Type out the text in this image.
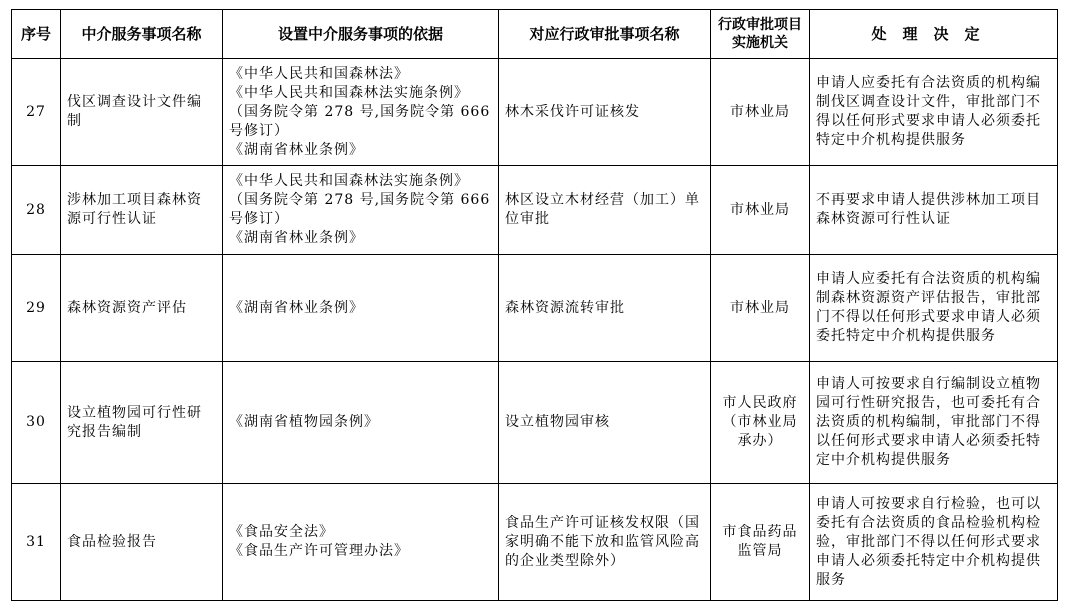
序号	中介服务事项名称	设置中介服务事项的依据	对应行政审批事项名称	行政审批项目实施机关	处理决定
27	伐区调查设计文件编制	《中华人民共和国森林法》
《中华人民共和国森林法实施条例》
（国务院令第 278 号,国务院令第 666
号修订）
《湖南省林业条例》	林木采伐许可证核发	市林业局	申请人应委托有合法资质的机构编制伐区调查设计文件，审批部门不得以任何形式要求申请人必须委托特定中介机构提供服务
28	涉林加工项目森林资源可行性认证	《中华人民共和国森林法实施条例》
（国务院令第 278 号,国务院令第 666
号修订）
《湖南省林业条例》	林区设立木材经营（加工）单位审批	市林业局	不再要求申请人提供涉林加工项目森林资源可行性认证
29	森林资源资产评估	《湖南省林业条例》	森林资源流转审批	市林业局	申请人应委托有合法资质的机构编制森林资源资产评估报告，审批部门不得以任何形式要求申请人必须委托特定中介机构提供服务
30	设立植物园可行性研究报告编制	《湖南省植物园条例》	设立植物园审核	市人民政府（市林业局承办）	申请人可按要求自行编制设立植物园可行性研究报告，也可委托有合法资质的机构编制，审批部门不得以任何形式要求申请人必须委托特定中介机构提供服务
31	食品检验报告	《食品安全法》
《食品生产许可管理办法》	食品生产许可证核发权限（国家明确不能下放和监管风险高的企业类型除外）	市食品药品监管局	申请人可按要求自行检验，也可以委托有合法资质的食品检验机构检验，审批部门不得以任何形式要求申请人必须委托特定中介机构提供服务
